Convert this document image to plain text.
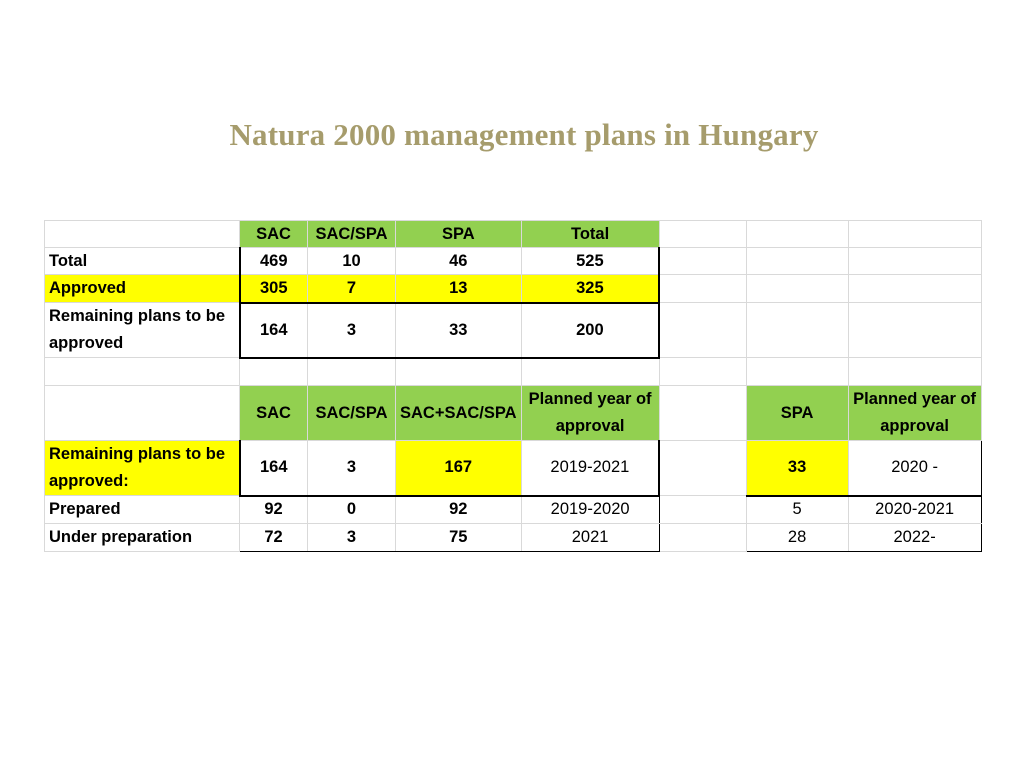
Natura 2000 management plans in Hungary
	SAC	SAC/SPA	SPA	Total			
Total	469	10	46	525			
Approved	305	7	13	325			
Remaining plans to be approved	164	3	33	200			

	SAC	SAC/SPA	SAC+SAC/SPA	Planned year of approval		SPA	Planned year of approval
Remaining plans to be approved:	164	3	167	2019-2021		33	2020 -
Prepared	92	0	92	2019-2020		5	2020-2021
Under preparation	72	3	75	2021		28	2022-
